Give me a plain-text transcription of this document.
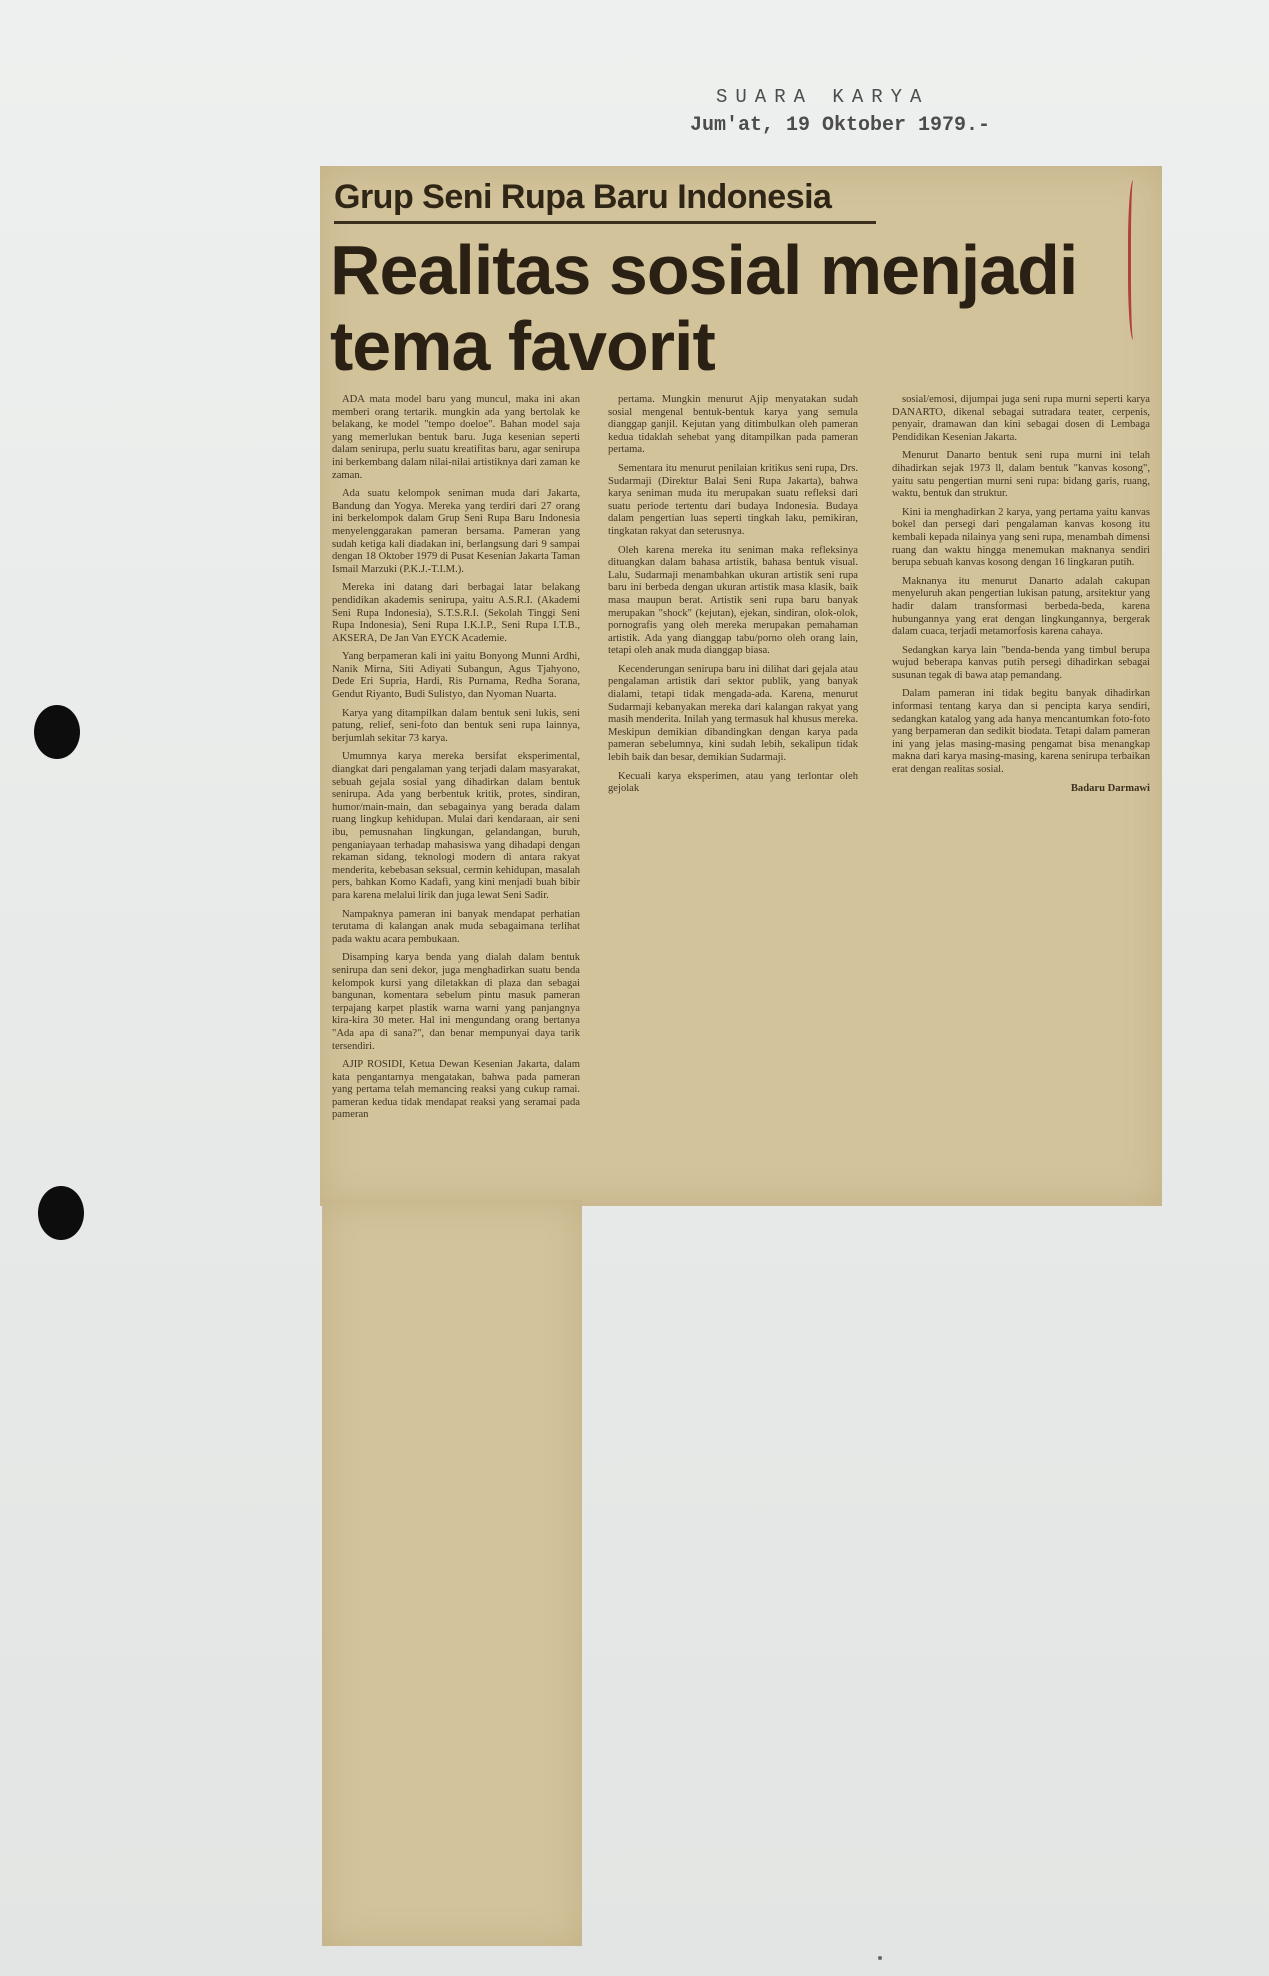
SUARA KARYA
Jum'at, 19 Oktober 1979.-
Grup Seni Rupa Baru Indonesia
Realitas sosial menjadi tema favorit

ADA mata model baru yang muncul, maka ini akan memberi orang tertarik. mungkin ada yang bertolak ke belakang, ke model "tempo doeloe". Bahan model saja yang memerlukan bentuk baru. Juga kesenian seperti dalam senirupa, perlu suatu kreatifitas baru, agar senirupa ini berkembang dalam nilai-nilai artistiknya dari zaman ke zaman.

Ada suatu kelompok seniman muda dari Jakarta, Bandung dan Yogya. Mereka yang terdiri dari 27 orang ini berkelompok dalam Grup Seni Rupa Baru Indonesia menyelenggarakan pameran bersama. Pameran yang sudah ketiga kali diadakan ini, berlangsung dari 9 sampai dengan 18 Oktober 1979 di Pusat Kesenian Jakarta Taman Ismail Marzuki (P.K.J.-T.I.M.).

Mereka ini datang dari berbagai latar belakang pendidikan akademis senirupa, yaitu A.S.R.I. (Akademi Seni Rupa Indonesia), S.T.S.R.I. (Sekolah Tinggi Seni Rupa Indonesia), Seni Rupa I.K.I.P., Seni Rupa I.T.B., AKSERA, De Jan Van EYCK Academie.

Yang berpameran kali ini yaitu Bonyong Munni Ardhi, Nanik Mirna, Siti Adiyati Subangun, Agus Tjahyono, Dede Eri Supria, Hardi, Ris Purnama, Redha Sorana, Gendut Riyanto, Budi Sulistyo, dan Nyoman Nuarta.

Karya yang ditampilkan dalam bentuk seni lukis, seni patung, relief, seni-foto dan bentuk seni rupa lainnya, berjumlah sekitar 73 karya.

Umumnya karya mereka bersifat eksperimental, diangkat dari pengalaman yang terjadi dalam masyarakat, sebuah gejala sosial yang dihadirkan dalam bentuk senirupa. Ada yang berbentuk kritik, protes, sindiran, humor/main-main, dan sebagainya yang berada dalam ruang lingkup kehidupan. Mulai dari kendaraan, air seni ibu, pemusnahan lingkungan, gelandangan, buruh, penganiayaan terhadap mahasiswa yang dihadapi dengan rekaman sidang, teknologi modern di antara rakyat menderita, kebebasan seksual, cermin kehidupan, masalah pers, bahkan Komo Kadafi, yang kini menjadi buah bibir para karena melalui lirik dan juga lewat Seni Sadir.

Nampaknya pameran ini banyak mendapat perhatian terutama di kalangan anak muda sebagaimana terlihat pada waktu acara pembukaan.

Disamping karya benda yang dialah dalam bentuk senirupa dan seni dekor, juga menghadirkan suatu benda kelompok kursi yang diletakkan di plaza dan sebagai bangunan, komentara sebelum pintu masuk pameran terpajang karpet plastik warna warni yang panjangnya kira-kira 30 meter. Hal ini mengundang orang bertanya "Ada apa di sana?", dan benar mempunyai daya tarik tersendiri.

AJIP ROSIDI, Ketua Dewan Kesenian Jakarta, dalam kata pengantarnya mengatakan, bahwa pada pameran yang pertama telah memancing reaksi yang cukup ramai. pameran kedua tidak mendapat reaksi yang seramai pada pameran

pertama. Mungkin menurut Ajip menyatakan sudah sosial mengenal bentuk-bentuk karya yang semula dianggap ganjil. Kejutan yang ditimbulkan oleh pameran kedua tidaklah sehebat yang ditampilkan pada pameran pertama.

Sementara itu menurut penilaian kritikus seni rupa, Drs. Sudarmaji (Direktur Balai Seni Rupa Jakarta), bahwa karya seniman muda itu merupakan suatu refleksi dari suatu periode tertentu dari budaya Indonesia. Budaya dalam pengertian luas seperti tingkah laku, pemikiran, tingkatan rakyat dan seterusnya.

Oleh karena mereka itu seniman maka refleksinya dituangkan dalam bahasa artistik, bahasa bentuk visual. Lalu, Sudarmaji menambahkan ukuran artistik seni rupa baru ini berbeda dengan ukuran artistik masa klasik, baik masa maupun berat. Artistik seni rupa baru banyak merupakan "shock" (kejutan), ejekan, sindiran, olok-olok, pornografis yang oleh mereka merupakan pemahaman artistik. Ada yang dianggap tabu/porno oleh orang lain, tetapi oleh anak muda dianggap biasa.

Kecenderungan senirupa baru ini dilihat dari gejala atau pengalaman artistik dari sektor publik, yang banyak dialami, tetapi tidak mengada-ada. Karena, menurut Sudarmaji kebanyakan mereka dari kalangan rakyat yang masih menderita. Inilah yang termasuk hal khusus mereka. Meskipun demikian dibandingkan dengan karya pada pameran sebelumnya, kini sudah lebih, sekalipun tidak lebih baik dan besar, demikian Sudarmaji.

Kecuali karya eksperimen, atau yang terlontar oleh gejolak

sosial/emosi, dijumpai juga seni rupa murni seperti karya DANARTO, dikenal sebagai sutradara teater, cerpenis, penyair, dramawan dan kini sebagai dosen di Lembaga Pendidikan Kesenian Jakarta.

Menurut Danarto bentuk seni rupa murni ini telah dihadirkan sejak 1973 ll, dalam bentuk "kanvas kosong", yaitu satu pengertian murni seni rupa: bidang garis, ruang, waktu, bentuk dan struktur.

Kini ia menghadirkan 2 karya, yang pertama yaitu kanvas bokel dan persegi dari pengalaman kanvas kosong itu kembali kepada nilainya yang seni rupa, menambah dimensi ruang dan waktu hingga menemukan maknanya sendiri berupa sebuah kanvas kosong dengan 16 lingkaran putih.

Maknanya itu menurut Danarto adalah cakupan menyeluruh akan pengertian lukisan patung, arsitektur yang hadir dalam transformasi berbeda-beda, karena hubungannya yang erat dengan lingkungannya, bergerak dalam cuaca, terjadi metamorfosis karena cahaya.

Sedangkan karya lain "benda-benda yang timbul berupa wujud beberapa kanvas putih persegi dihadirkan sebagai susunan tegak di bawa atap pemandang.

Dalam pameran ini tidak begitu banyak dihadirkan informasi tentang karya dan si pencipta karya sendiri, sedangkan katalog yang ada hanya mencantumkan foto-foto yang berpameran dan sedikit biodata. Tetapi dalam pameran ini yang jelas masing-masing pengamat bisa menangkap makna dari karya masing-masing, karena senirupa terbaikan erat dengan realitas sosial.

Badaru Darmawi
